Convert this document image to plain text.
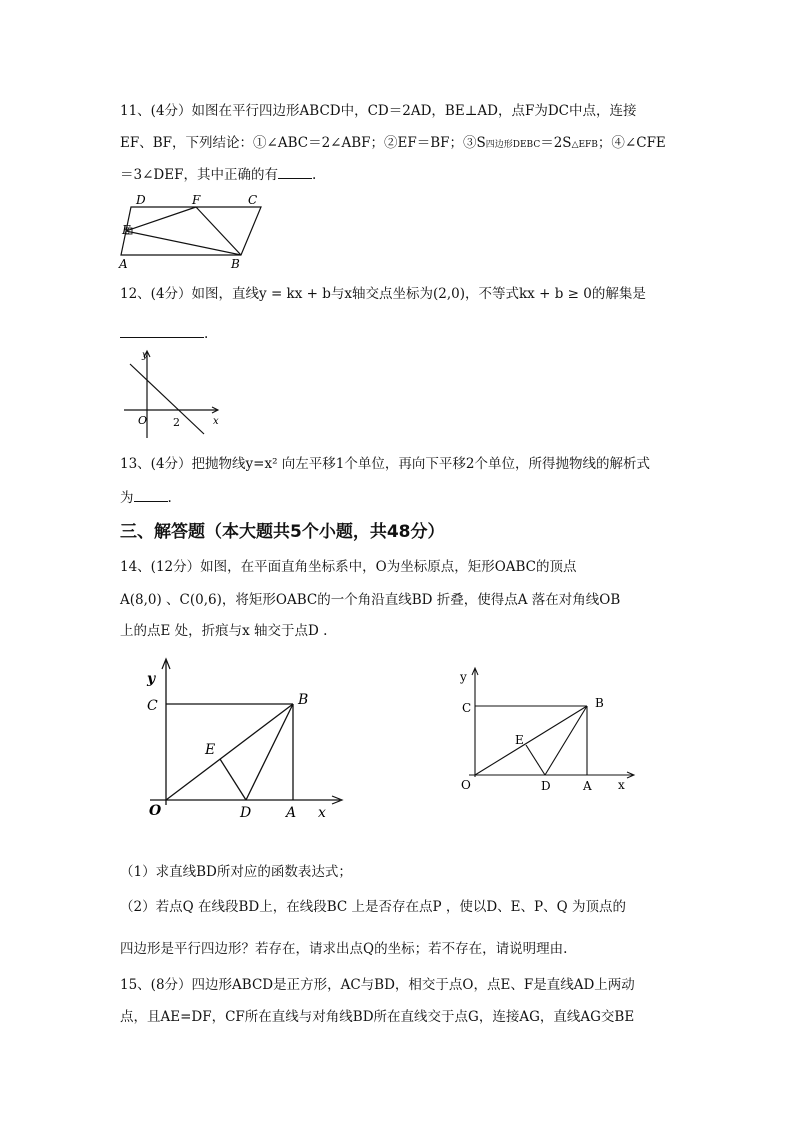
11、(4分）如图在平行四边形ABCD中，CD＝2AD，BE⊥AD，点F为DC中点，连接
EF、BF，下列结论：①∠ABC＝2∠ABF；②EF＝BF；③S四边形DEBC＝2S△EFB；④∠CFE
＝3∠DEF，其中正确的有	.
D	F	C
E
A	B
12、(4分）如图，直线y = kx + b与x轴交点坐标为(2,0)，不等式kx + b ≥ 0的解集是
.
y
O 2	x
13、(4分）把抛物线y=x² 向左平移1个单位，再向下平移2个单位，所得抛物线的解析式
为	.
三、解答题（本大题共5个小题，共48分）
14、(12分）如图，在平面直角坐标系中，O为坐标原点，矩形OABC的顶点
A(8,0) 、C(0,6)，将矩形OABC的一个角沿直线BD 折叠，使得点A 落在对角线OB
上的点E 处，折痕与x 轴交于点D .
y
C	B
E
O	D A x
y
C	B
E
O	D	A x
（1）求直线BD所对应的函数表达式；
（2）若点Q 在线段BD上，在线段BC 上是否存在点P ，使以D、E、P、Q 为顶点的
四边形是平行四边形？若存在，请求出点Q的坐标；若不存在，请说明理由.
15、(8分）四边形ABCD是正方形，AC与BD，相交于点O，点E、F是直线AD上两动
点，且AE=DF，CF所在直线与对角线BD所在直线交于点G，连接AG，直线AG交BE
